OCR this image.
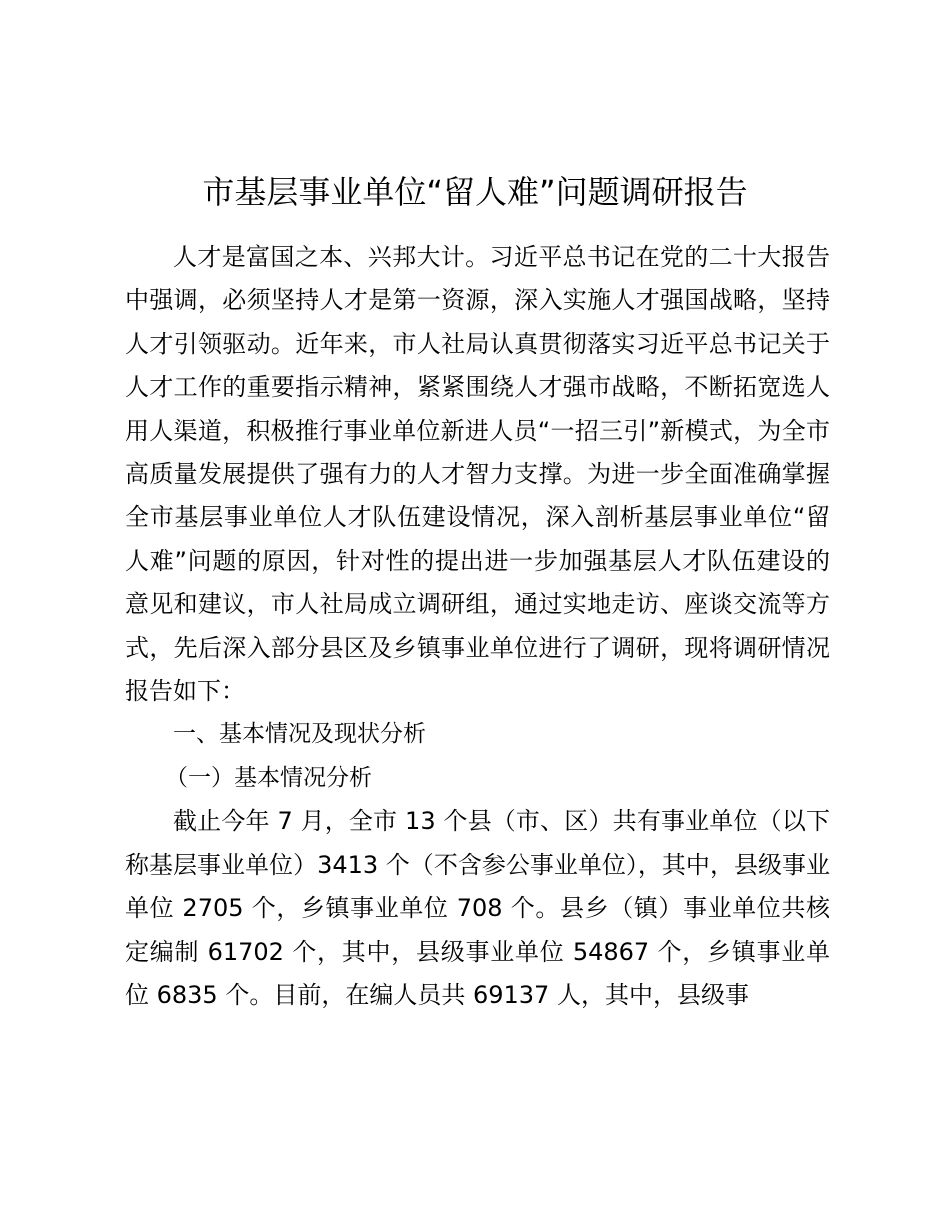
市基层事业单位“留人难”问题调研报告

人才是富国之本、兴邦大计。习近平总书记在党的二十大报告中强调，必须坚持人才是第一资源，深入实施人才强国战略，坚持人才引领驱动。近年来，市人社局认真贯彻落实习近平总书记关于人才工作的重要指示精神，紧紧围绕人才强市战略，不断拓宽选人用人渠道，积极推行事业单位新进人员“一招三引”新模式，为全市高质量发展提供了强有力的人才智力支撑。为进一步全面准确掌握全市基层事业单位人才队伍建设情况，深入剖析基层事业单位“留人难”问题的原因，针对性的提出进一步加强基层人才队伍建设的意见和建议，市人社局成立调研组，通过实地走访、座谈交流等方式，先后深入部分县区及乡镇事业单位进行了调研，现将调研情况报告如下：

一、基本情况及现状分析

（一）基本情况分析

截止今年 7 月，全市 13 个县（市、区）共有事业单位（以下称基层事业单位）3413 个（不含参公事业单位），其中，县级事业单位 2705 个，乡镇事业单位 708 个。县乡（镇）事业单位共核定编制 61702 个，其中，县级事业单位 54867 个，乡镇事业单位 6835 个。目前，在编人员共 69137 人，其中，县级事
